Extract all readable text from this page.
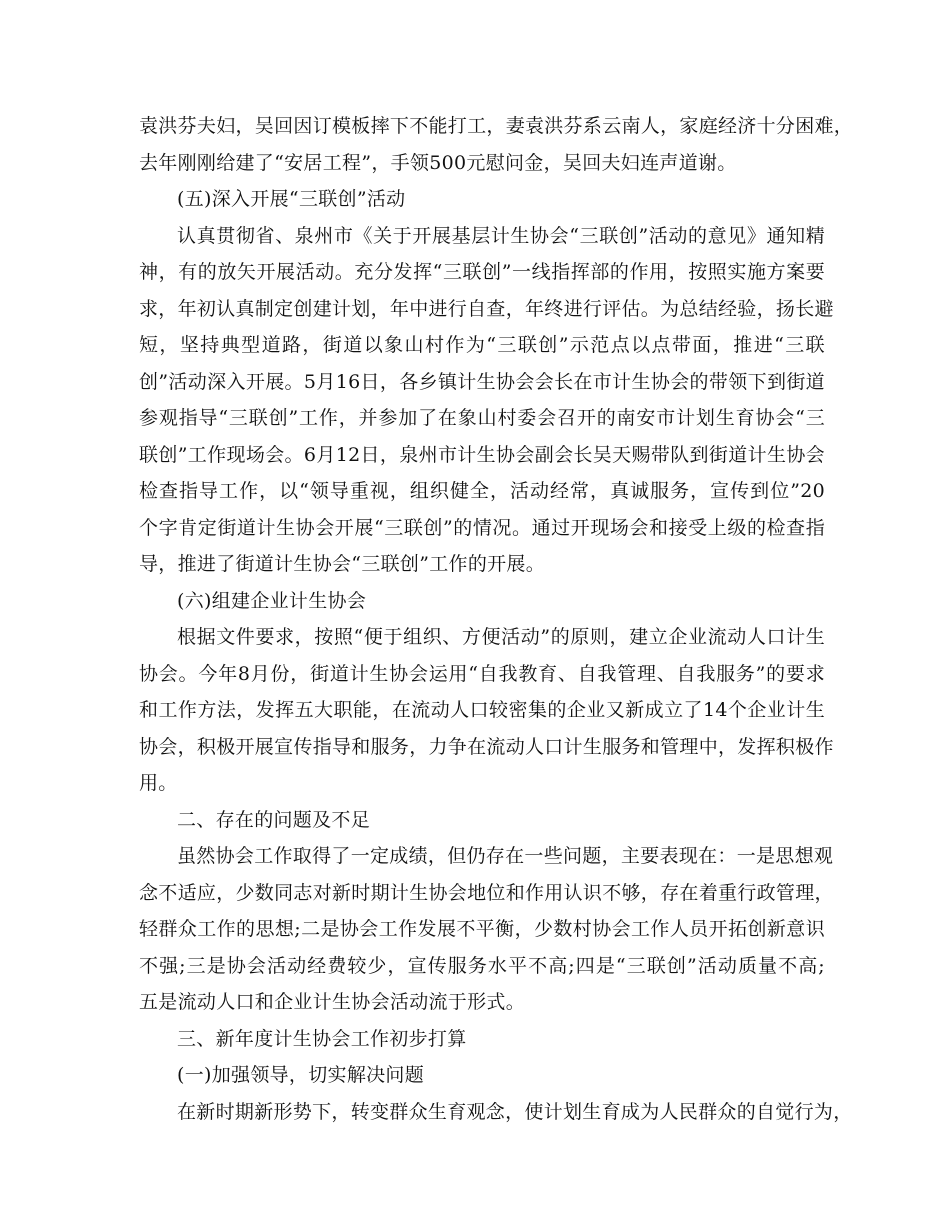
袁洪芬夫妇，吴回因订模板摔下不能打工，妻袁洪芬系云南人，家庭经济十分困难，
去年刚刚给建了“安居工程”，手领500元慰问金，吴回夫妇连声道谢。
(五)深入开展“三联创”活动
认真贯彻省、泉州市《关于开展基层计生协会“三联创”活动的意见》通知精
神，有的放矢开展活动。充分发挥“三联创”一线指挥部的作用，按照实施方案要
求，年初认真制定创建计划，年中进行自查，年终进行评估。为总结经验，扬长避
短，坚持典型道路，街道以象山村作为“三联创”示范点以点带面，推进“三联
创”活动深入开展。5月16日，各乡镇计生协会会长在市计生协会的带领下到街道
参观指导“三联创”工作，并参加了在象山村委会召开的南安市计划生育协会“三
联创”工作现场会。6月12日，泉州市计生协会副会长吴天赐带队到街道计生协会
检查指导工作，以“领导重视，组织健全，活动经常，真诚服务，宣传到位”20
个字肯定街道计生协会开展“三联创”的情况。通过开现场会和接受上级的检查指
导，推进了街道计生协会“三联创”工作的开展。
(六)组建企业计生协会
根据文件要求，按照“便于组织、方便活动”的原则，建立企业流动人口计生
协会。今年8月份，街道计生协会运用“自我教育、自我管理、自我服务”的要求
和工作方法，发挥五大职能，在流动人口较密集的企业又新成立了14个企业计生
协会，积极开展宣传指导和服务，力争在流动人口计生服务和管理中，发挥积极作
用。
二、存在的问题及不足
虽然协会工作取得了一定成绩，但仍存在一些问题，主要表现在：一是思想观
念不适应，少数同志对新时期计生协会地位和作用认识不够，存在着重行政管理，
轻群众工作的思想;二是协会工作发展不平衡，少数村协会工作人员开拓创新意识
不强;三是协会活动经费较少，宣传服务水平不高;四是“三联创”活动质量不高;
五是流动人口和企业计生协会活动流于形式。
三、新年度计生协会工作初步打算
(一)加强领导，切实解决问题
在新时期新形势下，转变群众生育观念，使计划生育成为人民群众的自觉行为，
